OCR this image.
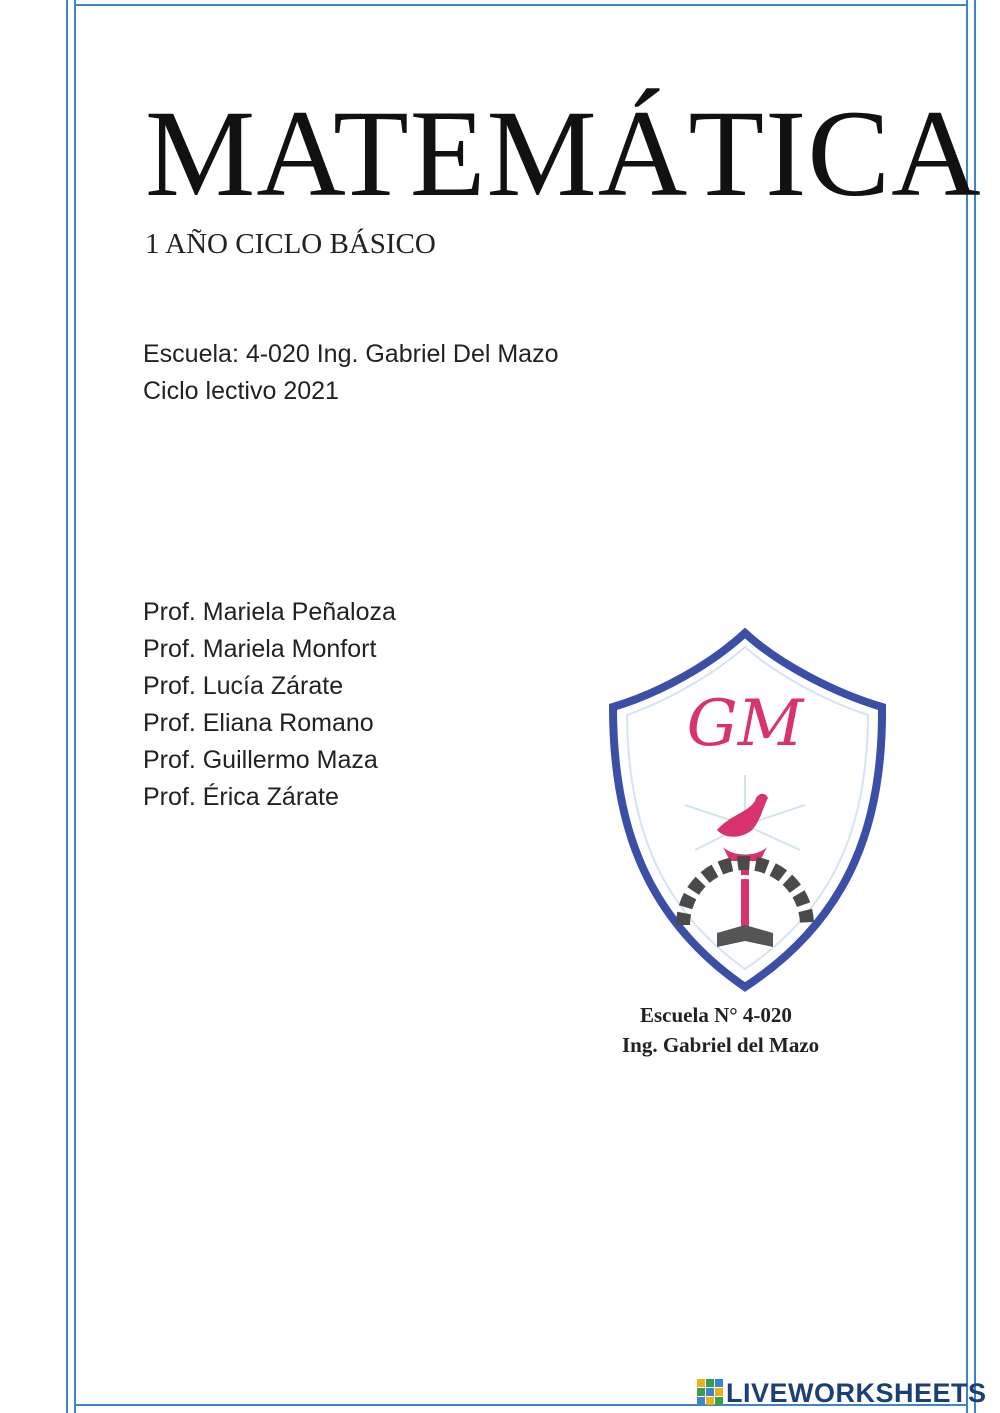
MATEMÁTICA
1 AÑO CICLO BÁSICO
Escuela: 4-020 Ing. Gabriel Del Mazo
Ciclo lectivo 2021
Prof. Mariela Peñaloza
Prof. Mariela Monfort
Prof. Lucía Zárate
Prof. Eliana Romano
Prof. Guillermo Maza
Prof. Érica Zárate
GM
Escuela N° 4-020
Ing. Gabriel del Mazo
LIVEWORKSHEETS
